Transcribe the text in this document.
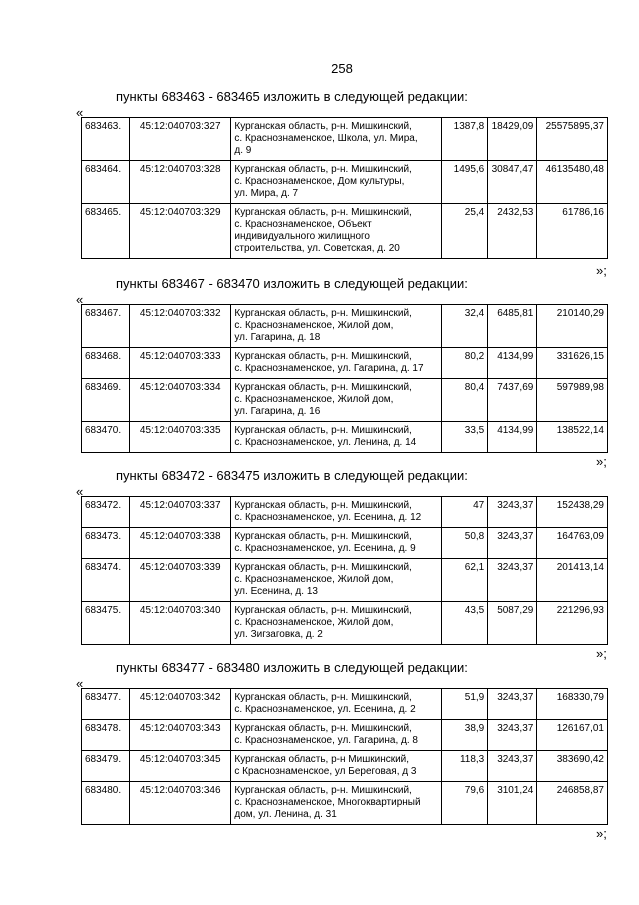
258
пункты 683463 - 683465 изложить в следующей редакции:
«
683463.	45:12:040703:327	Курганская область, р-н. Мишкинский,
с. Краснознаменское, Школа, ул. Мира,
д. 9	1387,8	18429,09	25575895,37
683464.	45:12:040703:328	Курганская область, р-н. Мишкинский,
с. Краснознаменское, Дом культуры,
ул. Мира, д. 7	1495,6	30847,47	46135480,48
683465.	45:12:040703:329	Курганская область, р-н. Мишкинский,
с. Краснознаменское, Объект
индивидуального жилищного
строительства, ул. Советская, д. 20	25,4	2432,53	61786,16
»;
пункты 683467 - 683470 изложить в следующей редакции:
«
683467.	45:12:040703:332	Курганская область, р-н. Мишкинский,
с. Краснознаменское, Жилой дом,
ул. Гагарина, д. 18	32,4	6485,81	210140,29
683468.	45:12:040703:333	Курганская область, р-н. Мишкинский,
с. Краснознаменское, ул. Гагарина, д. 17	80,2	4134,99	331626,15
683469.	45:12:040703:334	Курганская область, р-н. Мишкинский,
с. Краснознаменское, Жилой дом,
ул. Гагарина, д. 16	80,4	7437,69	597989,98
683470.	45:12:040703:335	Курганская область, р-н. Мишкинский,
с. Краснознаменское, ул. Ленина, д. 14	33,5	4134,99	138522,14
»;
пункты 683472 - 683475 изложить в следующей редакции:
«
683472.	45:12:040703:337	Курганская область, р-н. Мишкинский,
с. Краснознаменское, ул. Есенина, д. 12	47	3243,37	152438,29
683473.	45:12:040703:338	Курганская область, р-н. Мишкинский,
с. Краснознаменское, ул. Есенина, д. 9	50,8	3243,37	164763,09
683474.	45:12:040703:339	Курганская область, р-н. Мишкинский,
с. Краснознаменское, Жилой дом,
ул. Есенина, д. 13	62,1	3243,37	201413,14
683475.	45:12:040703:340	Курганская область, р-н. Мишкинский,
с. Краснознаменское, Жилой дом,
ул. Зигзаговка, д. 2	43,5	5087,29	221296,93
»;
пункты 683477 - 683480 изложить в следующей редакции:
«
683477.	45:12:040703:342	Курганская область, р-н. Мишкинский,
с. Краснознаменское, ул. Есенина, д. 2	51,9	3243,37	168330,79
683478.	45:12:040703:343	Курганская область, р-н. Мишкинский,
с. Краснознаменское, ул. Гагарина, д. 8	38,9	3243,37	126167,01
683479.	45:12:040703:345	Курганская область, р-н Мишкинский,
с Краснознаменское, ул Береговая, д 3	118,3	3243,37	383690,42
683480.	45:12:040703:346	Курганская область, р-н. Мишкинский,
с. Краснознаменское, Многоквартирный
дом, ул. Ленина, д. 31	79,6	3101,24	246858,87
»;
